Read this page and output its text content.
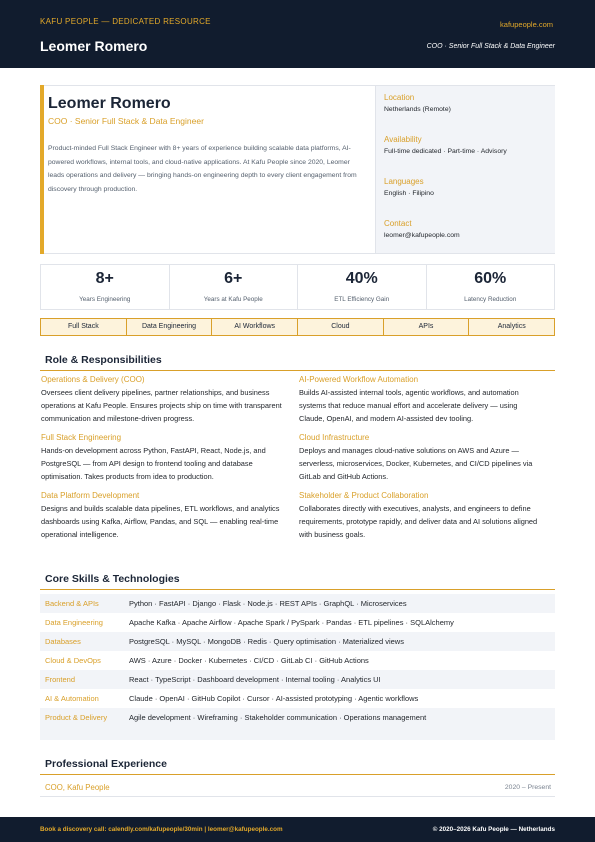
KAFU PEOPLE — DEDICATED RESOURCE	kafupeople.com
Leomer Romero	COO · Senior Full Stack & Data Engineer
Leomer Romero
COO · Senior Full Stack & Data Engineer
Product-minded Full Stack Engineer with 8+ years of experience building scalable data platforms, AI-powered workflows, internal tools, and cloud-native applications. At Kafu People since 2020, Leomer leads operations and delivery — bringing hands-on engineering depth to every client engagement from discovery through production.
Location
Netherlands (Remote)
Availability
Full-time dedicated · Part-time · Advisory
Languages
English · Filipino
Contact
leomer@kafupeople.com
8+
Years Engineering
6+
Years at Kafu People
40%
ETL Efficiency Gain
60%
Latency Reduction
Full Stack	Data Engineering	AI Workflows	Cloud	APIs	Analytics
Role & Responsibilities
Operations & Delivery (COO)
Oversees client delivery pipelines, partner relationships, and business operations at Kafu People. Ensures projects ship on time with transparent communication and milestone-driven progress.
AI-Powered Workflow Automation
Builds AI-assisted internal tools, agentic workflows, and automation systems that reduce manual effort and accelerate delivery — using Claude, OpenAI, and modern AI-assisted dev tooling.
Full Stack Engineering
Hands-on development across Python, FastAPI, React, Node.js, and PostgreSQL — from API design to frontend tooling and database optimisation. Takes products from idea to production.
Cloud Infrastructure
Deploys and manages cloud-native solutions on AWS and Azure — serverless, microservices, Docker, Kubernetes, and CI/CD pipelines via GitLab and GitHub Actions.
Data Platform Development
Designs and builds scalable data pipelines, ETL workflows, and analytics dashboards using Kafka, Airflow, Pandas, and SQL — enabling real-time operational intelligence.
Stakeholder & Product Collaboration
Collaborates directly with executives, analysts, and engineers to define requirements, prototype rapidly, and deliver data and AI solutions aligned with business goals.
Core Skills & Technologies
Backend & APIs	Python · FastAPI · Django · Flask · Node.js · REST APIs · GraphQL · Microservices
Data Engineering	Apache Kafka · Apache Airflow · Apache Spark / PySpark · Pandas · ETL pipelines · SQLAlchemy
Databases	PostgreSQL · MySQL · MongoDB · Redis · Query optimisation · Materialized views
Cloud & DevOps	AWS · Azure · Docker · Kubernetes · CI/CD · GitLab CI · GitHub Actions
Frontend	React · TypeScript · Dashboard development · Internal tooling · Analytics UI
AI & Automation	Claude · OpenAI · GitHub Copilot · Cursor · AI-assisted prototyping · Agentic workflows
Product & Delivery	Agile development · Wireframing · Stakeholder communication · Operations management
Professional Experience
COO, Kafu People	2020 – Present
Book a discovery call: calendly.com/kafupeople/30min | leomer@kafupeople.com	© 2020–2026 Kafu People — Netherlands
